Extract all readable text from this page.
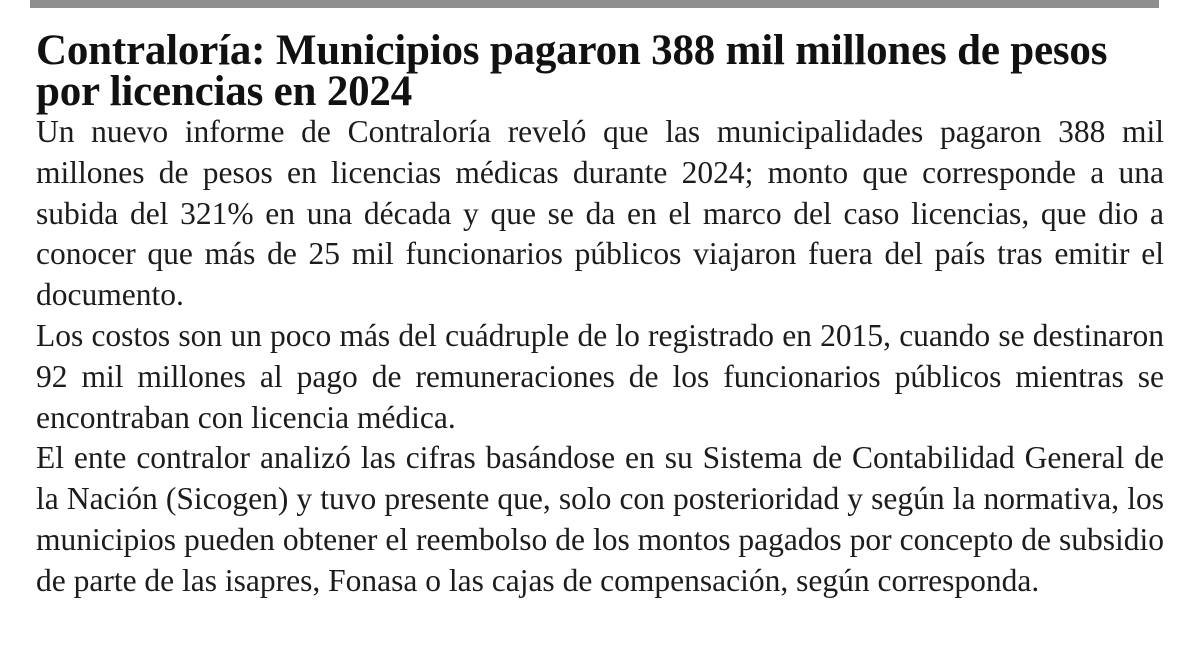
Contraloría: Municipios pagaron 388 mil millones de pesos por licencias en 2024

Un nuevo informe de Contraloría reveló que las municipalidades pagaron 388 mil millones de pesos en licencias médicas durante 2024; monto que corresponde a una subida del 321% en una década y que se da en el marco del caso licencias, que dio a conocer que más de 25 mil funcionarios públicos viajaron fuera del país tras emitir el documento.

Los costos son un poco más del cuádruple de lo registrado en 2015, cuando se destinaron 92 mil millones al pago de remuneraciones de los funcionarios públicos mientras se encontraban con licencia médica.

El ente contralor analizó las cifras basándose en su Sistema de Contabilidad General de la Nación (Sicogen) y tuvo presente que, solo con posterioridad y según la normativa, los municipios pueden obtener el reembolso de los montos pagados por concepto de subsidio de parte de las isapres, Fonasa o las cajas de compensación, según corresponda.
